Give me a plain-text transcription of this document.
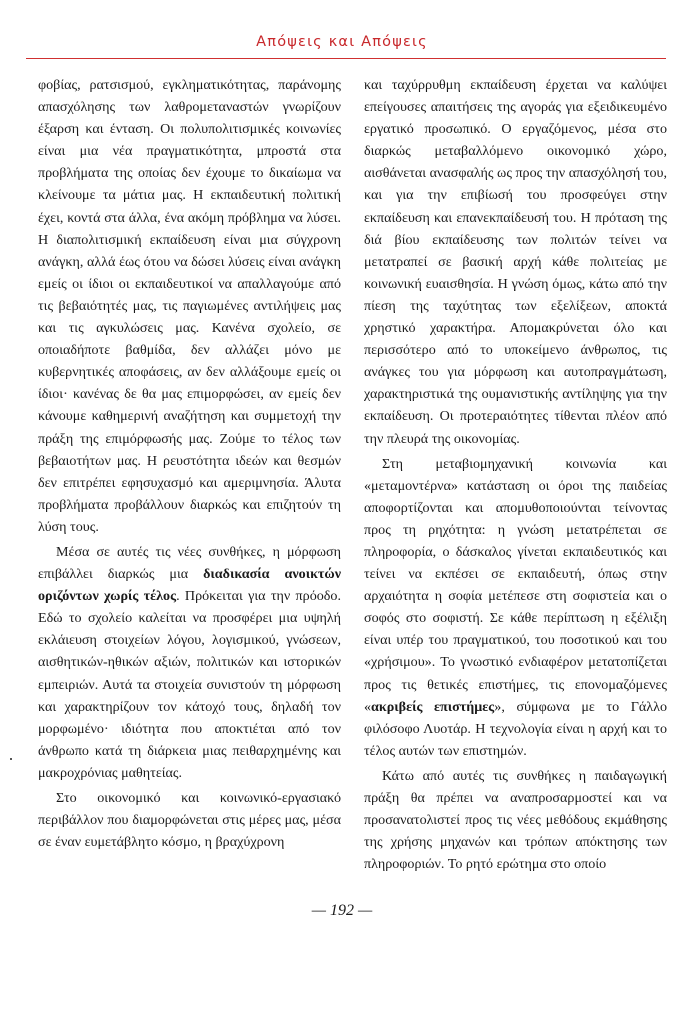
Απόψεις και Απόψεις

φοβίας, ρατσισμού, εγκληματικότητας, παράνομης απασχόλησης των λαθρομεταναστών γνωρίζουν έξαρση και ένταση. Οι πολυπολιτισμικές κοινωνίες είναι μια νέα πραγματικότητα, μπροστά στα προβλήματα της οποίας δεν έχουμε το δικαίωμα να κλείνουμε τα μάτια μας. Η εκπαιδευτική πολιτική έχει, κοντά στα άλλα, ένα ακόμη πρόβλημα να λύσει. Η διαπολιτισμική εκπαίδευση είναι μια σύγχρονη ανάγκη, αλλά έως ότου να δώσει λύσεις είναι ανάγκη εμείς οι ίδιοι οι εκπαιδευτικοί να απαλλαγούμε από τις βεβαιότητές μας, τις παγιωμένες αντιλήψεις μας και τις αγκυλώσεις μας. Κανένα σχολείο, σε οποιαδήποτε βαθμίδα, δεν αλλάζει μόνο με κυβερνητικές αποφάσεις, αν δεν αλλάξουμε εμείς οι ίδιοι· κανένας δε θα μας επιμορφώσει, αν εμείς δεν κάνουμε καθημερινή αναζήτηση και συμμετοχή την πράξη της επιμόρφωσής μας. Ζούμε το τέλος των βεβαιοτήτων μας. Η ρευστότητα ιδεών και θεσμών δεν επιτρέπει εφησυχασμό και αμεριμνησία. Άλυτα προβλήματα προβάλλουν διαρκώς και επιζητούν τη λύση τους.

Μέσα σε αυτές τις νέες συνθήκες, η μόρφωση επιβάλλει διαρκώς μια διαδικασία ανοικτών οριζόντων χωρίς τέλος. Πρόκειται για την πρόοδο. Εδώ το σχολείο καλείται να προσφέρει μια υψηλή εκλάιευση στοιχείων λόγου, λογισμικού, γνώσεων, αισθητικών-ηθικών αξιών, πολιτικών και ιστορικών εμπειριών. Αυτά τα στοιχεία συνιστούν τη μόρφωση και χαρακτηρίζουν τον κάτοχό τους, δηλαδή τον μορφωμένο· ιδιότητα που αποκτιέται από τον άνθρωπο κατά τη διάρκεια μιας πειθαρχημένης και μακροχρόνιας μαθητείας.

Στο οικονομικό και κοινωνικό-εργασιακό περιβάλλον που διαμορφώνεται στις μέρες μας, μέσα σε έναν ευμετάβλητο κόσμο, η βραχύχρονη

και ταχύρρυθμη εκπαίδευση έρχεται να καλύψει επείγουσες απαιτήσεις της αγοράς για εξειδικευμένο εργατικό προσωπικό. Ο εργαζόμενος, μέσα στο διαρκώς μεταβαλλόμενο οικονομικό χώρο, αισθάνεται ανασφαλής ως προς την απασχόλησή του, και για την επιβίωσή του προσφεύγει στην εκπαίδευση και επανεκπαίδευσή του. Η πρόταση της διά βίου εκπαίδευσης των πολιτών τείνει να μετατραπεί σε βασική αρχή κάθε πολιτείας με κοινωνική ευαισθησία. Η γνώση όμως, κάτω από την πίεση της ταχύτητας των εξελίξεων, αποκτά χρηστικό χαρακτήρα. Απομακρύνεται όλο και περισσότερο από το υποκείμενο άνθρωπος, τις ανάγκες του για μόρφωση και αυτοπραγμάτωση, χαρακτηριστικά της ουμανιστικής αντίληψης για την εκπαίδευση. Οι προτεραιότητες τίθενται πλέον από την πλευρά της οικονομίας.

Στη μεταβιομηχανική κοινωνία και «μεταμοντέρνα» κατάσταση οι όροι της παιδείας αποφορτίζονται και απομυθοποιούνται τείνοντας προς τη ρηχότητα: η γνώση μετατρέπεται σε πληροφορία, ο δάσκαλος γίνεται εκπαιδευτικός και τείνει να εκπέσει σε εκπαιδευτή, όπως στην αρχαιότητα η σοφία μετέπεσε στη σοφιστεία και ο σοφός στο σοφιστή. Σε κάθε περίπτωση η εξέλιξη είναι υπέρ του πραγματικού, του ποσοτικού και του «χρήσιμου». Το γνωστικό ενδιαφέρον μετατοπίζεται προς τις θετικές επιστήμες, τις επονομαζόμενες «ακριβείς επιστήμες», σύμφωνα με το Γάλλο φιλόσοφο Λυοτάρ. Η τεχνολογία είναι η αρχή και το τέλος αυτών των επιστημών.

Κάτω από αυτές τις συνθήκες η παιδαγωγική πράξη θα πρέπει να αναπροσαρμοστεί και να προσανατολιστεί προς τις νέες μεθόδους εκμάθησης της χρήσης μηχανών και τρόπων απόκτησης των πληροφοριών. Το ρητό ερώτημα στο οποίο

— 192 —
